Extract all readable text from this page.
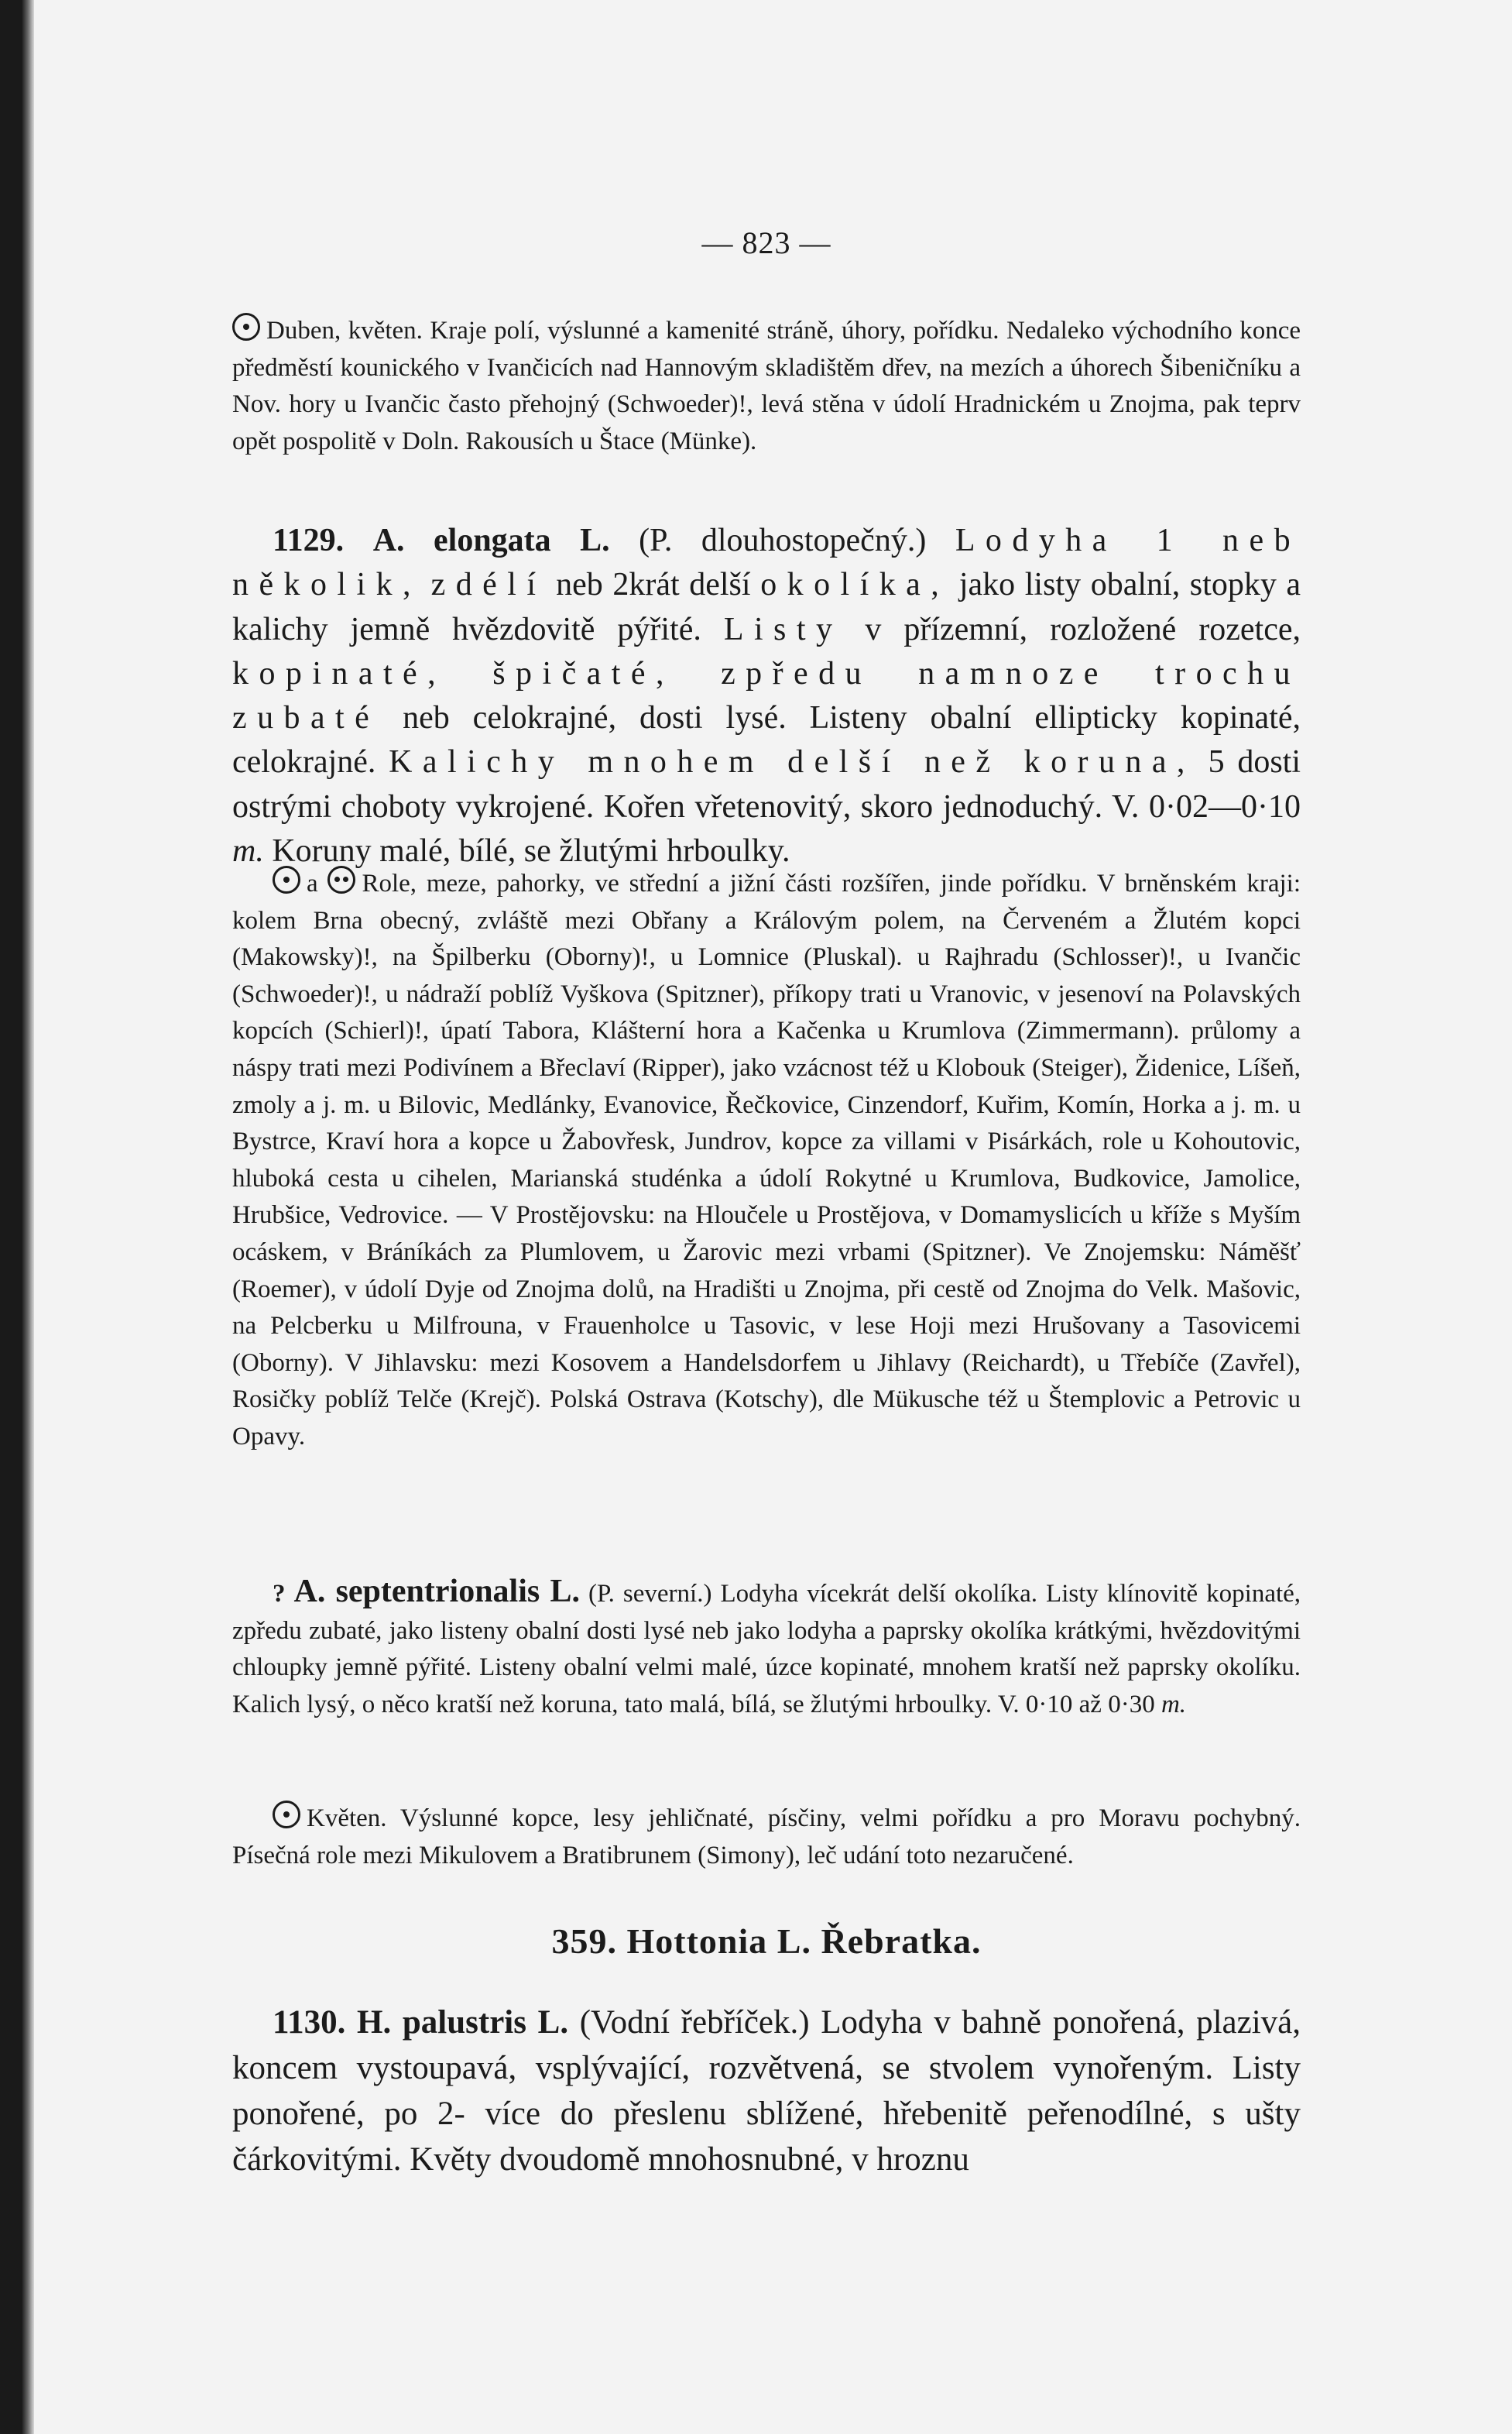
— 823 —

Duben, květen. Kraje polí, výslunné a kamenité stráně, úhory, pořídku. Nedaleko východního konce předměstí kounického v Ivančicích nad Hannovým skladištěm dřev, na mezích a úhorech Šibeničníku a Nov. hory u Ivančic často přehojný (Schwoeder)!, levá stěna v údolí Hradnickém u Znojma, pak teprv opět pospolitě v Doln. Rakousích u Štace (Münke).

1129. A. elongata L. (P. dlouhostopečný.) Lodyha 1 neb několik, zdélí neb 2krát delší okolíka, jako listy obalní, stopky a kalichy jemně hvězdovitě pýřité. Listy v přízemní, rozložené rozetce, kopinaté, špičaté, zpředu namnoze trochu zubaté neb celokrajné, dosti lysé. Listeny obalní ellipticky kopinaté, celokrajné. Kalichy mnohem delší než koruna, 5 dosti ostrými choboty vykrojené. Kořen vřetenovitý, skoro jednoduchý. V. 0·02—0·10 m. Koruny malé, bílé, se žlutými hrboulky.

a Role, meze, pahorky, ve střední a jižní části rozšířen, jinde pořídku. V brněnském kraji: kolem Brna obecný, zvláště mezi Obřany a Královým polem, na Červeném a Žlutém kopci (Makowsky)!, na Špilberku (Oborny)!, u Lomnice (Pluskal). u Rajhradu (Schlosser)!, u Ivančic (Schwoeder)!, u nádraží poblíž Vyškova (Spitzner), příkopy trati u Vranovic, v jesenoví na Polavských kopcích (Schierl)!, úpatí Tabora, Klášterní hora a Kačenka u Krumlova (Zimmermann). průlomy a náspy trati mezi Podivínem a Břeclaví (Ripper), jako vzácnost též u Klobouk (Steiger), Židenice, Líšeň, zmoly a j. m. u Bilovic, Medlánky, Evanovice, Řečkovice, Cinzendorf, Kuřim, Komín, Horka a j. m. u Bystrce, Kraví hora a kopce u Žabovřesk, Jundrov, kopce za villami v Pisárkách, role u Kohoutovic, hluboká cesta u cihelen, Marianská studénka a údolí Rokytné u Krumlova, Budkovice, Jamolice, Hrubšice, Vedrovice. — V Prostějovsku: na Hloučele u Prostějova, v Domamyslicích u kříže s Myším ocáskem, v Bráníkách za Plumlovem, u Žarovic mezi vrbami (Spitzner). Ve Znojemsku: Náměšť (Roemer), v údolí Dyje od Znojma dolů, na Hradišti u Znojma, při cestě od Znojma do Velk. Mašovic, na Pelcberku u Milfrouna, v Frauenholce u Tasovic, v lese Hoji mezi Hrušovany a Tasovicemi (Oborny). V Jihlavsku: mezi Kosovem a Handelsdorfem u Jihlavy (Reichardt), u Třebíče (Zavřel), Rosičky poblíž Telče (Krejč). Polská Ostrava (Kotschy), dle Mükusche též u Štemplovic a Petrovic u Opavy.

? A. septentrionalis L. (P. severní.) Lodyha vícekrát delší okolíka. Listy klínovitě kopinaté, zpředu zubaté, jako listeny obalní dosti lysé neb jako lodyha a paprsky okolíka krátkými, hvězdovitými chloupky jemně pýřité. Listeny obalní velmi malé, úzce kopinaté, mnohem kratší než paprsky okolíku. Kalich lysý, o něco kratší než koruna, tato malá, bílá, se žlutými hrboulky. V. 0·10 až 0·30 m.

Květen. Výslunné kopce, lesy jehličnaté, písčiny, velmi pořídku a pro Moravu pochybný. Písečná role mezi Mikulovem a Bratibrunem (Simony), leč udání toto nezaručené.

359. Hottonia L. Řebratka.

1130. H. palustris L. (Vodní řebříček.) Lodyha v bahně ponořená, plazivá, koncem vystoupavá, vsplývající, rozvětvená, se stvolem vynořeným. Listy ponořené, po 2- více do přeslenu sblížené, hřebenitě peřenodílné, s ušty čárkovitými. Květy dvoudomě mnohosnubné, v hroznu
